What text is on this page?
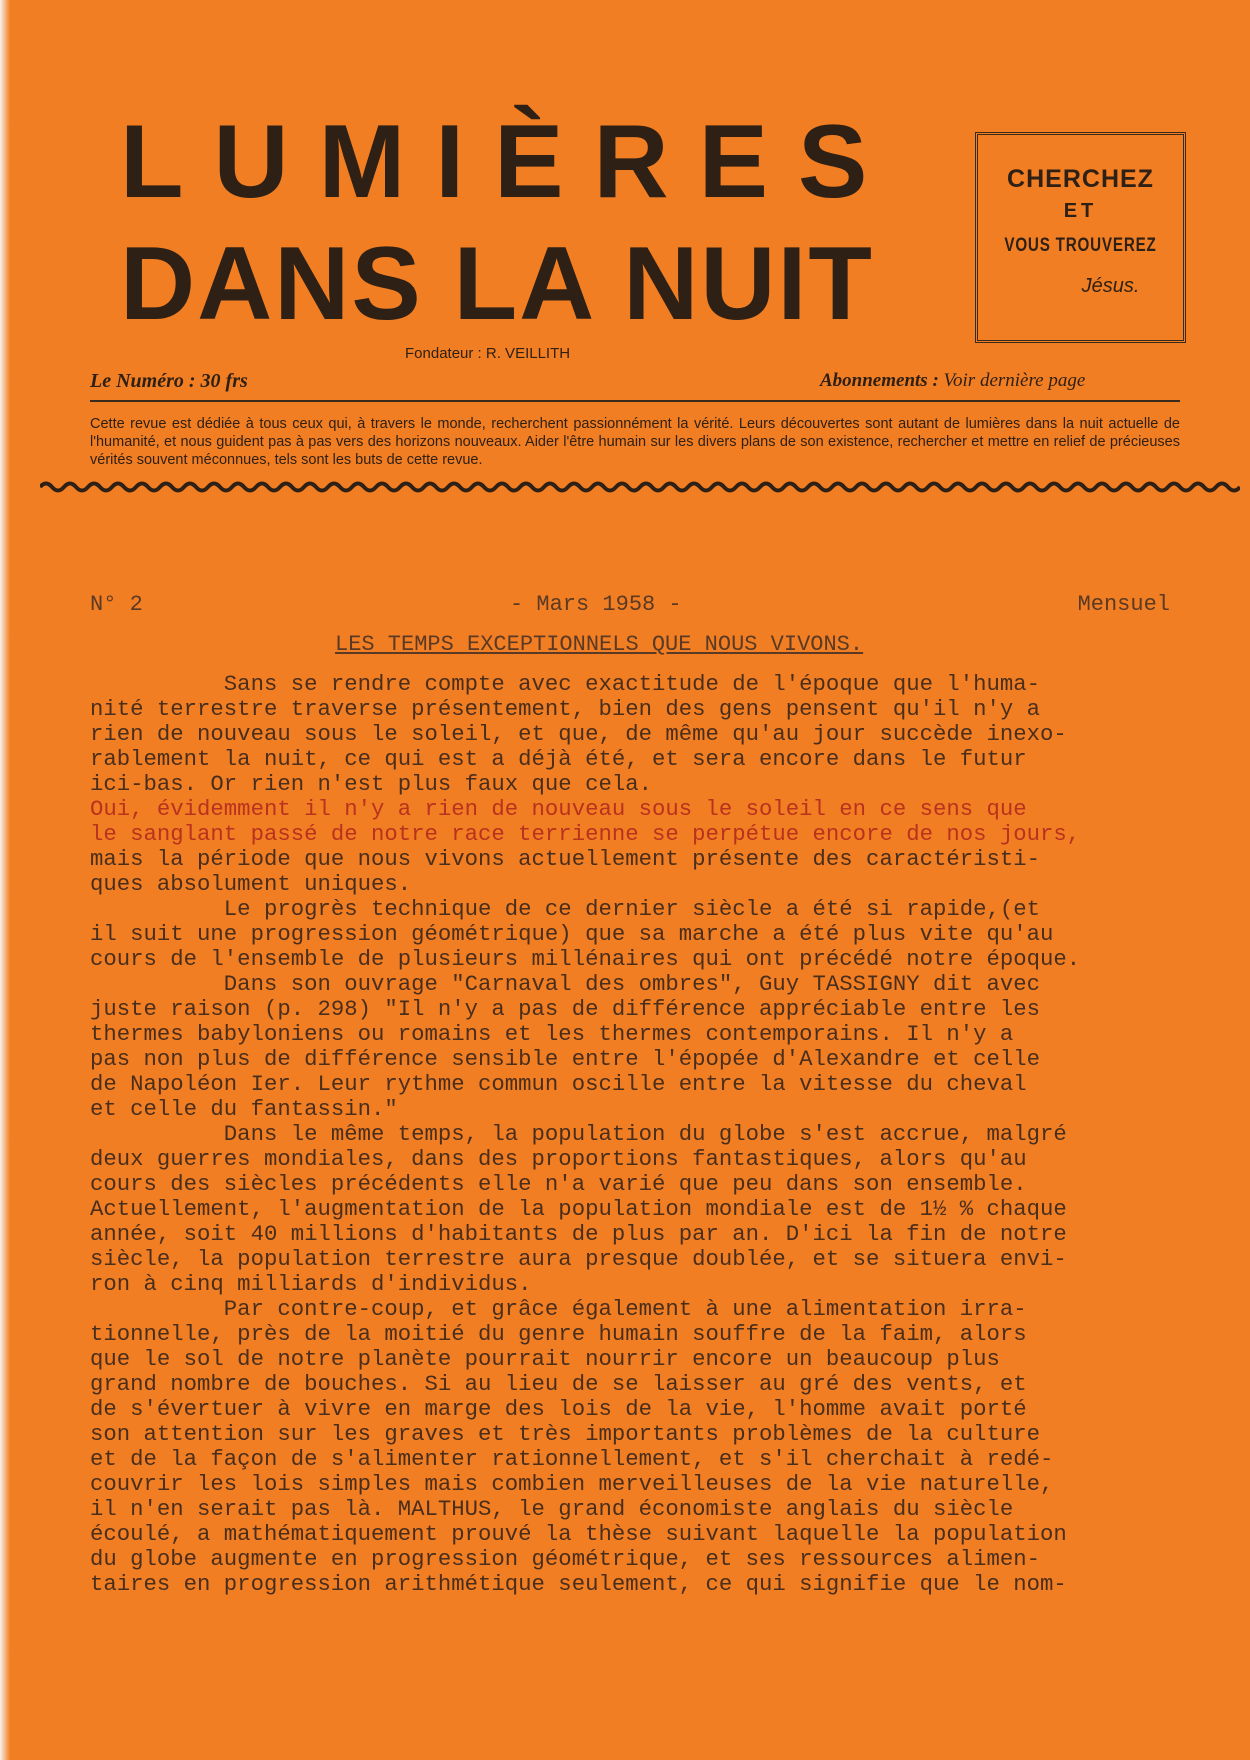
LUMIÈRES
DANS LA NUIT
CHERCHEZ
ET
VOUS TROUVEREZ
Jésus.
Fondateur : R. VEILLITH
Le Numéro : 30 frs	Abonnements : Voir dernière page
Cette revue est dédiée à tous ceux qui, à travers le monde, recherchent passionnément la vérité. Leurs découvertes sont autant de lumières dans la nuit actuelle de l'humanité, et nous guident pas à pas vers des horizons nouveaux. Aider l'être humain sur les divers plans de son existence, rechercher et mettre en relief de précieuses vérités souvent méconnues, tels sont les buts de cette revue.
N° 2	- Mars 1958 -	Mensuel
LES TEMPS EXCEPTIONNELS QUE NOUS VIVONS.
Sans se rendre compte avec exactitude de l'époque que l'huma-
nité terrestre traverse présentement, bien des gens pensent qu'il n'y a
rien de nouveau sous le soleil, et que, de même qu'au jour succède inexo-
rablement la nuit, ce qui est a déjà été, et sera encore dans le futur
ici-bas. Or rien n'est plus faux que cela.
Oui, évidemment il n'y a rien de nouveau sous le soleil en ce sens que
le sanglant passé de notre race terrienne se perpétue encore de nos jours,
mais la période que nous vivons actuellement présente des caractéristi-
ques absolument uniques.
Le progrès technique de ce dernier siècle a été si rapide,(et
il suit une progression géométrique) que sa marche a été plus vite qu'au
cours de l'ensemble de plusieurs millénaires qui ont précédé notre époque.
Dans son ouvrage "Carnaval des ombres", Guy TASSIGNY dit avec
juste raison (p. 298) "Il n'y a pas de différence appréciable entre les
thermes babyloniens ou romains et les thermes contemporains. Il n'y a
pas non plus de différence sensible entre l'épopée d'Alexandre et celle
de Napoléon Ier. Leur rythme commun oscille entre la vitesse du cheval
et celle du fantassin."
Dans le même temps, la population du globe s'est accrue, malgré
deux guerres mondiales, dans des proportions fantastiques, alors qu'au
cours des siècles précédents elle n'a varié que peu dans son ensemble.
Actuellement, l'augmentation de la population mondiale est de 1½ % chaque
année, soit 40 millions d'habitants de plus par an. D'ici la fin de notre
siècle, la population terrestre aura presque doublée, et se situera envi-
ron à cinq milliards d'individus.
Par contre-coup, et grâce également à une alimentation irra-
tionnelle, près de la moitié du genre humain souffre de la faim, alors
que le sol de notre planète pourrait nourrir encore un beaucoup plus
grand nombre de bouches. Si au lieu de se laisser au gré des vents, et
de s'évertuer à vivre en marge des lois de la vie, l'homme avait porté
son attention sur les graves et très importants problèmes de la culture
et de la façon de s'alimenter rationnellement, et s'il cherchait à redé-
couvrir les lois simples mais combien merveilleuses de la vie naturelle,
il n'en serait pas là. MALTHUS, le grand économiste anglais du siècle
écoulé, a mathématiquement prouvé la thèse suivant laquelle la population
du globe augmente en progression géométrique, et ses ressources alimen-
taires en progression arithmétique seulement, ce qui signifie que le nom-
